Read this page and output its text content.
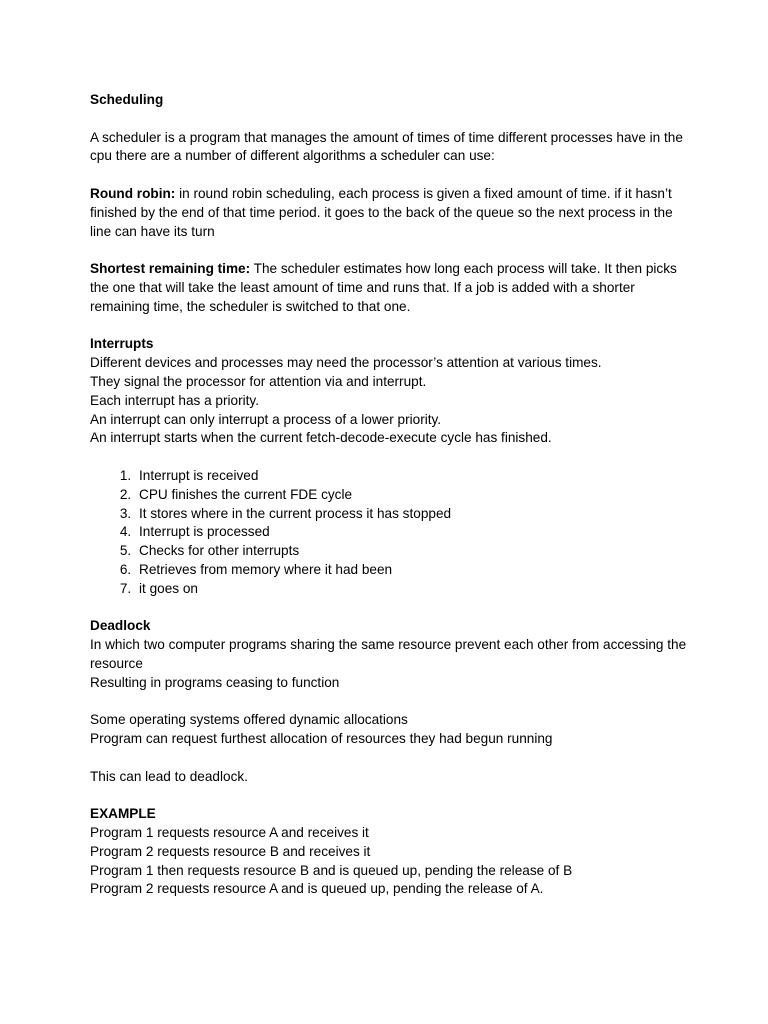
Scheduling

A scheduler is a program that manages the amount of times of time different processes have in the cpu there are a number of different algorithms a scheduler can use:

Round robin: in round robin scheduling, each process is given a fixed amount of time. if it hasn’t finished by the end of that time period. it goes to the back of the queue so the next process in the line can have its turn

Shortest remaining time: The scheduler estimates how long each process will take. It then picks the one that will take the least amount of time and runs that. If a job is added with a shorter remaining time, the scheduler is switched to that one.

Interrupts

Different devices and processes may need the processor’s attention at various times.

They signal the processor for attention via and interrupt.

Each interrupt has a priority.

An interrupt can only interrupt a process of a lower priority.

An interrupt starts when the current fetch-decode-execute cycle has finished.

1. Interrupt is received
2. CPU finishes the current FDE cycle
3. It stores where in the current process it has stopped
4. Interrupt is processed
5. Checks for other interrupts
6. Retrieves from memory where it had been
7. it goes on

Deadlock

In which two computer programs sharing the same resource prevent each other from accessing the resource

Resulting in programs ceasing to function

Some operating systems offered dynamic allocations

Program can request furthest allocation of resources they had begun running

This can lead to deadlock.

EXAMPLE

Program 1 requests resource A and receives it

Program 2 requests resource B and receives it

Program 1 then requests resource B and is queued up, pending the release of B

Program 2 requests resource A and is queued up, pending the release of A.
